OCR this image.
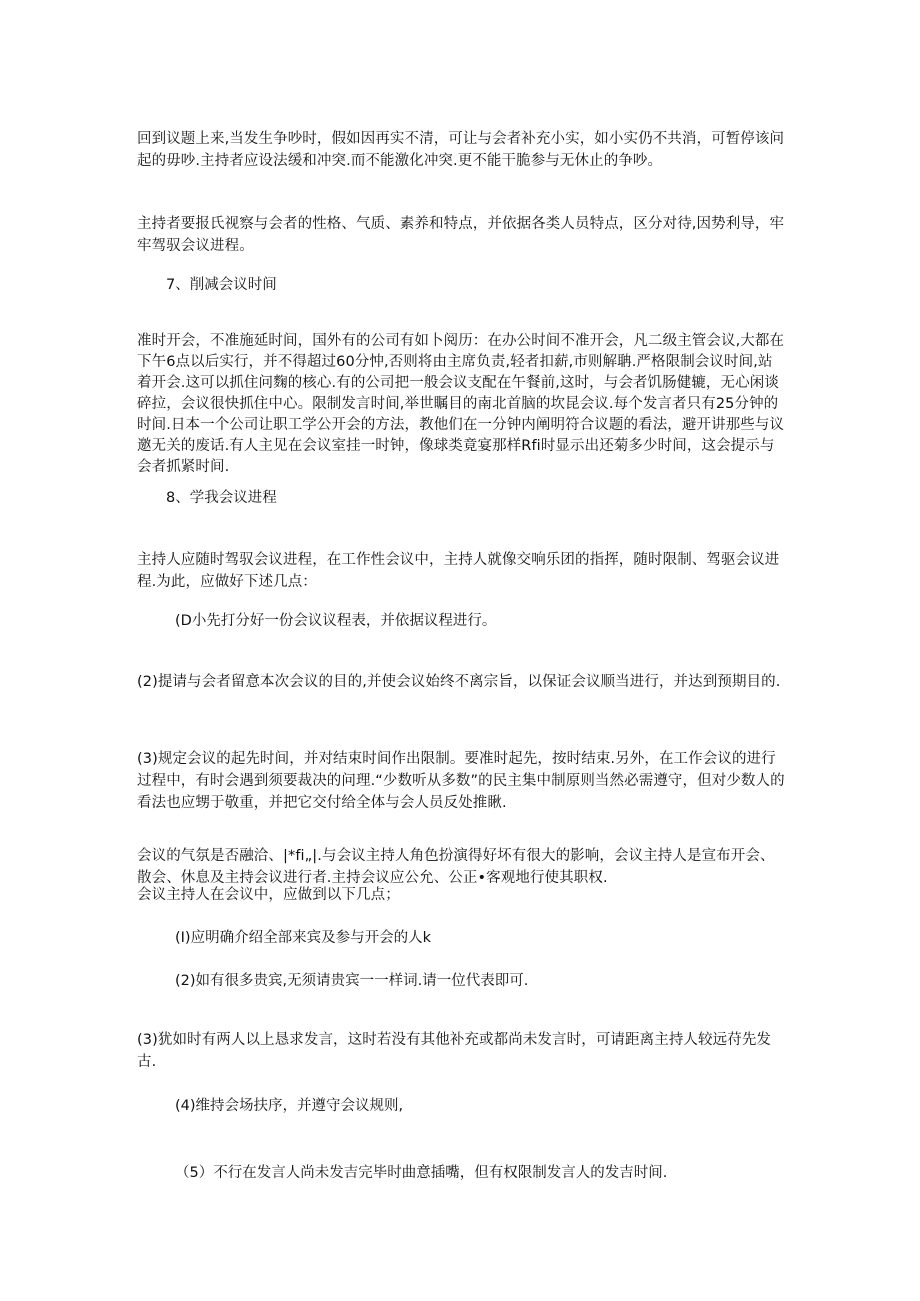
回到议题上来,当发生争吵时，假如因再实不清，可让与会者补充小实，如小实仍不共消，可暂停该问起的毋吵.主持者应设法缓和冲突.而不能激化冲突.更不能干脆参与无休止的争吵。

主持者要报氏视察与会者的性格、气质、素养和特点，并依据各类人员特点，区分对待,因势利导，牢牢驾驭会议进程。

7、削减会议时间

准时开会，不准施延时间，国外有的公司有如卜阅历：在办公时间不准开会，凡二级主管会议,大都在下午6点以后实行，并不得超过60分忡,否则将由主席负责,轻者扣薪,市则解聃.严格限制会议时间,站着开会.这可以抓住问麴的核心.有的公司把一般会议支配在午餐前,这时，与会者饥肠健辘，无心闲谈碎拉，会议很快抓住中心。限制发言时间,举世瞩目的南北首脑的坎昆会议.每个发言者只有25分钟的时间.日本一个公司让职工学公开会的方法，教他们在一分钟内阐明符合议题的看法，避开讲那些与议邀无关的废话.有人主见在会议室挂一时钟，像球类竟宴那样Rfi时显示出还菊多少时间，这会提示与会者抓紧时间.

8、学我会议进程

主持人应随时驾驭会议进程，在工作性会议中，主持人就像交响乐团的指挥，随时限制、驾驱会议进程.为此，应做好下述几点：

(D小先打分好一份会议议程表，并依据议程进行。

(2)提请与会者留意本次会议的目的,并使会议始终不离宗旨，以保证会议顺当进行，并达到预期目的.

(3)规定会议的起先时间，并对结束时间作出限制。要准时起先，按时结束.另外，在工作会议的进行过程中，有时会遇到须要裁决的问理.“少数听从多数”的民主集中制原则当然必需遵守，但对少数人的看法也应甥于敬重，并把它交付给全体与会人员反处推瞅.

会议的气氛是否融洽、|*fi„|.与会议主持人角色扮演得好坏有很大的影响，会议主持人是宣布开会、散会、休息及主持会议进行者.主持会议应公允、公正•客观地行使其职权.

会议主持人在会议中，应做到以下几点；

(I)应明确介绍全部来宾及参与开会的人k

(2)如有很多贵宾,无须请贵宾一一样词.请一位代表即可.

(3)犹如时有两人以上恳求发言，这时若没有其他补充或都尚未发言时，可请距离主持人较远苻先发古.

(4)维持会场扶序，并遵守会议规则,

（5）不行在发言人尚未发吉完毕时曲意插嘴，但有权限制发言人的发吉时间.
